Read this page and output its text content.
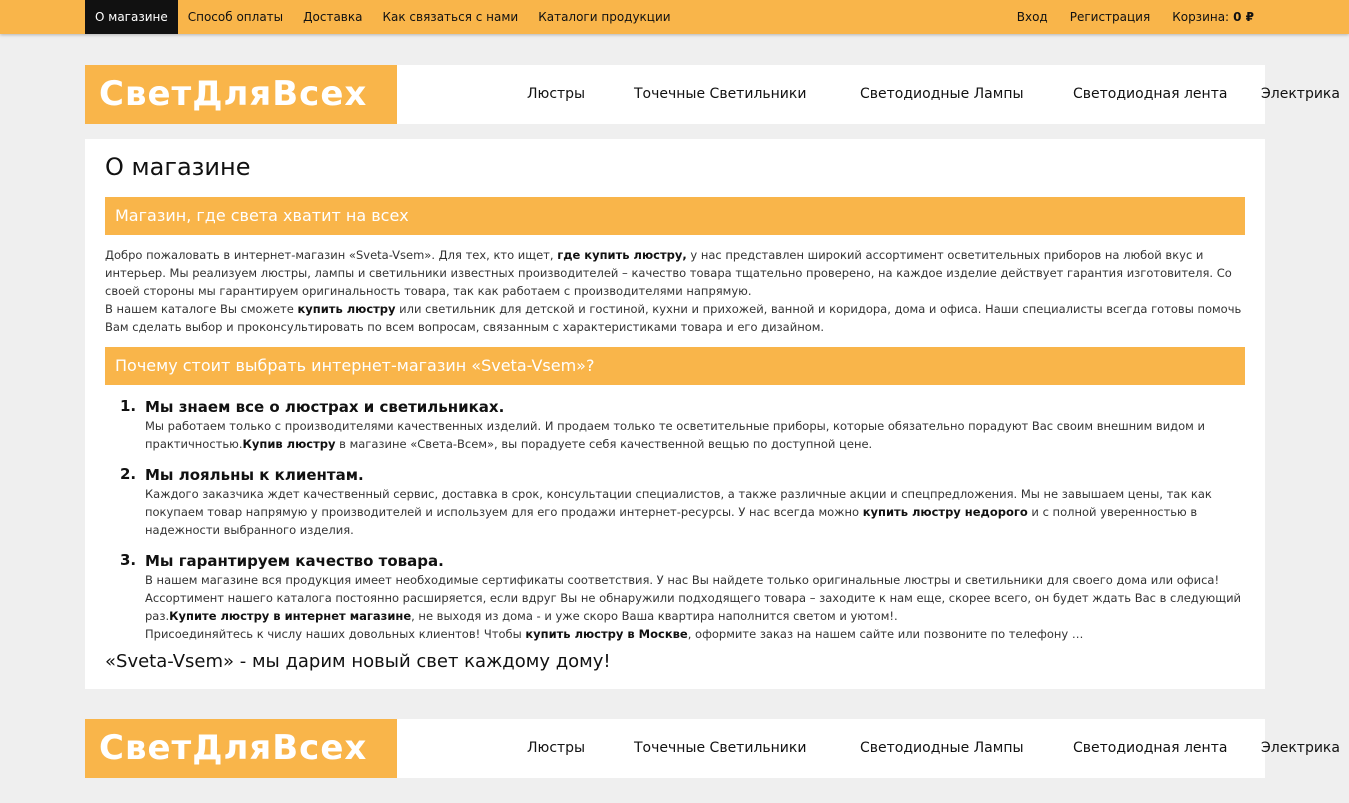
О магазине	Способ оплаты	Доставка	Как связаться с нами	Каталоги продукции	Вход	Регистрация	Корзина: 0 ₽
СветДляВсех	Люстры	Точечные Светильники	Светодиодные Лампы	Светодиодная лента Электрика
О магазине
Магазин, где света хватит на всех

Добро пожаловать в интернет-магазин «Sveta-Vsem». Для тех, кто ищет, где купить люстру, у нас представлен широкий ассортимент осветительных приборов на любой вкус и интерьер. Мы реализуем люстры, лампы и светильники известных производителей – качество товара тщательно проверено, на каждое изделие действует гарантия изготовителя. Со своей стороны мы гарантируем оригинальность товара, так как работаем с производителями напрямую.

В нашем каталоге Вы сможете купить люстру или светильник для детской и гостиной, кухни и прихожей, ванной и коридора, дома и офиса. Наши специалисты всегда готовы помочь Вам сделать выбор и проконсультировать по всем вопросам, связанным с характеристиками товара и его дизайном.

Почему стоит выбрать интернет-магазин «Sveta-Vsem»?
1. Мы знаем все о люстрах и светильниках.

Мы работаем только с производителями качественных изделий. И продаем только те осветительные приборы, которые обязательно порадуют Вас своим внешним видом и практичностью.Купив люстру в магазине «Света-Всем», вы порадуете себя качественной вещью по доступной цене.

2. Мы лояльны к клиентам.

Каждого заказчика ждет качественный сервис, доставка в срок, консультации специалистов, а также различные акции и спецпредложения. Мы не завышаем цены, так как покупаем товар напрямую у производителей и используем для его продажи интернет-ресурсы. У нас всегда можно купить люстру недорого и с полной уверенностью в надежности выбранного изделия.

3. Мы гарантируем качество товара.

В нашем магазине вся продукция имеет необходимые сертификаты соответствия. У нас Вы найдете только оригинальные люстры и светильники для своего дома или офиса!

Ассортимент нашего каталога постоянно расширяется, если вдруг Вы не обнаружили подходящего товара – заходите к нам еще, скорее всего, он будет ждать Вас в следующий раз.Купите люстру в интернет магазине, не выходя из дома - и уже скоро Ваша квартира наполнится светом и уютом!.

Присоединяйтесь к числу наших довольных клиентов! Чтобы купить люстру в Москве, оформите заказ на нашем сайте или позвоните по телефону …

«Sveta-Vsem» - мы дарим новый свет каждому дому!
СветДляВсех	Люстры	Точечные Светильники	Светодиодные Лампы	Светодиодная лента Электрика
